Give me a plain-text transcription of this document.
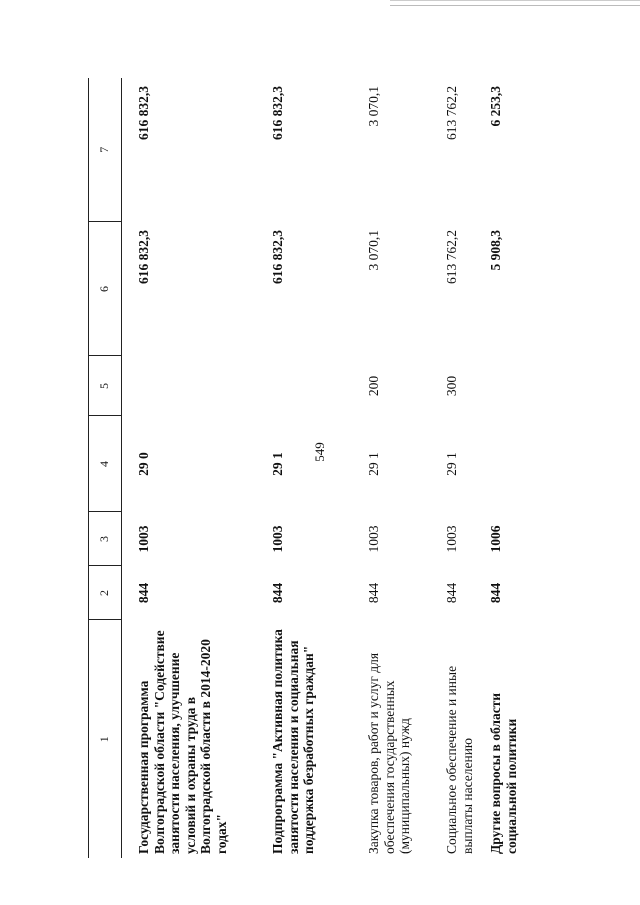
549
1	2	3	4	5	6	7

Государственная программа Волгоградской области "Содействие занятости населения, улучшение условий и охраны труда в Волгоградской области в 2014-2020 годах"	844	1003	29 0		616 832,3	616 832,3
Подпрограмма "Активная политика занятости населения и социальная поддержка безработных граждан"	844	1003	29 1		616 832,3	616 832,3
Закупка товаров, работ и услуг для обеспечения государственных (муниципальных) нужд	844	1003	29 1	200	3 070,1	3 070,1
Социальное обеспечение и иные выплаты населению	844	1003	29 1	300	613 762,2	613 762,2
Другие вопросы в области социальной политики	844	1006			5 908,3	6 253,3
